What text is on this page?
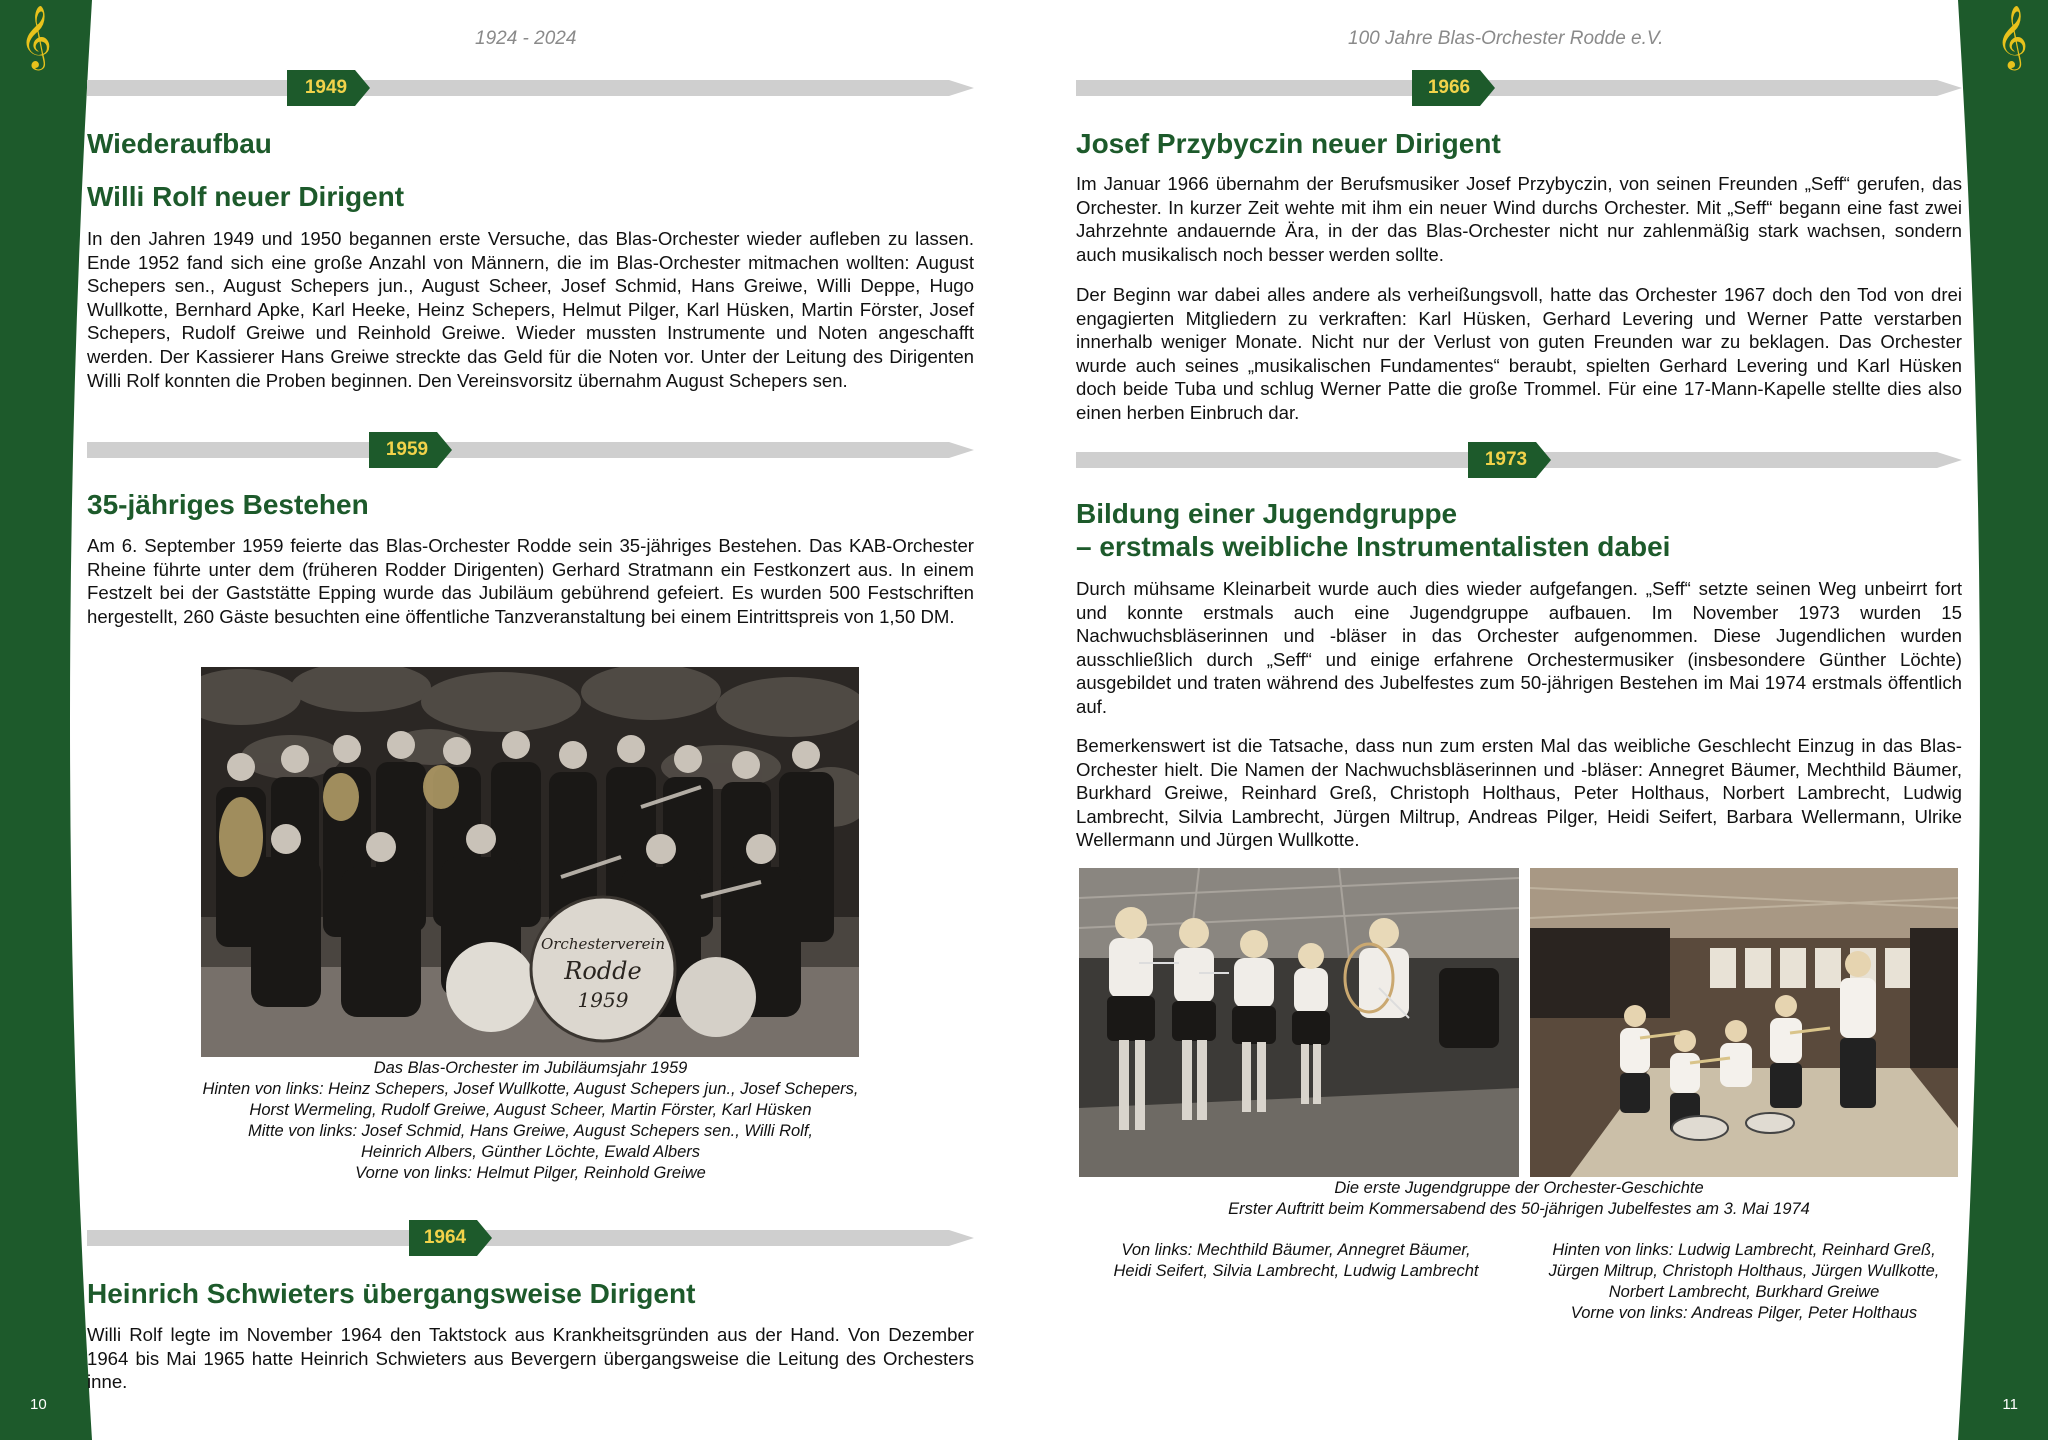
𝄞	𝄞
10	11
1924 - 2024	100 Jahre Blas-Orchester Rodde e.V.
1949
Wiederaufbau
Willi Rolf neuer Dirigent

In den Jahren 1949 und 1950 begannen erste Versuche, das Blas-Orchester wieder aufleben zu lassen. Ende 1952 fand sich eine große Anzahl von Männern, die im Blas-Orchester mitmachen wollten: August Schepers sen., August Schepers jun., August Scheer, Josef Schmid, Hans Greiwe, Willi Deppe, Hugo Wullkotte, Bernhard Apke, Karl Heeke, Heinz Schepers, Helmut Pilger, Karl Hüsken, Martin Förster, Josef Schepers, Rudolf Greiwe und Reinhold Greiwe. Wieder mussten Instrumente und Noten angeschafft werden. Der Kassierer Hans Greiwe streckte das Geld für die Noten vor. Unter der Leitung des Dirigenten Willi Rolf konnten die Proben beginnen. Den Vereinsvorsitz übernahm August Schepers sen.

1959
35-jähriges Bestehen

Am 6. September 1959 feierte das Blas-Orchester Rodde sein 35-jähriges Bestehen. Das KAB-Orchester Rheine führte unter dem (früheren Rodder Dirigenten) Gerhard Stratmann ein Festkonzert aus. In einem Festzelt bei der Gaststätte Epping wurde das Jubiläum gebührend gefeiert. Es wurden 500 Festschriften hergestellt, 260 Gäste besuchten eine öffentliche Tanzveranstaltung bei einem Eintrittspreis von 1,50 DM.

Orchesterverein
Rodde
1959
Das Blas-Orchester im Jubiläumsjahr 1959
Hinten von links: Heinz Schepers, Josef Wullkotte, August Schepers jun., Josef Schepers,
Horst Wermeling, Rudolf Greiwe, August Scheer, Martin Förster, Karl Hüsken
Mitte von links: Josef Schmid, Hans Greiwe, August Schepers sen., Willi Rolf,
Heinrich Albers, Günther Löchte, Ewald Albers
Vorne von links: Helmut Pilger, Reinhold Greiwe
1964
Heinrich Schwieters übergangsweise Dirigent

Willi Rolf legte im November 1964 den Taktstock aus Krankheitsgründen aus der Hand. Von Dezember 1964 bis Mai 1965 hatte Heinrich Schwieters aus Bevergern übergangsweise die Leitung des Orchesters inne.

1966
Josef Przybyczin neuer Dirigent

Im Januar 1966 übernahm der Berufsmusiker Josef Przybyczin, von seinen Freunden „Seff“ gerufen, das Orchester. In kurzer Zeit wehte mit ihm ein neuer Wind durchs Orchester. Mit „Seff“ begann eine fast zwei Jahrzehnte andauernde Ära, in der das Blas-Orchester nicht nur zahlenmäßig stark wachsen, sondern auch musikalisch noch besser werden sollte.

Der Beginn war dabei alles andere als verheißungsvoll, hatte das Orchester 1967 doch den Tod von drei engagierten Mitgliedern zu verkraften: Karl Hüsken, Gerhard Levering und Werner Patte verstarben innerhalb weniger Monate. Nicht nur der Verlust von guten Freunden war zu beklagen. Das Orchester wurde auch seines „musikalischen Fundamentes“ beraubt, spielten Gerhard Levering und Karl Hüsken doch beide Tuba und schlug Werner Patte die große Trommel. Für eine 17-Mann-Kapelle stellte dies also einen herben Einbruch dar.

1973
Bildung einer Jugendgruppe
– erstmals weibliche Instrumentalisten dabei

Durch mühsame Kleinarbeit wurde auch dies wieder aufgefangen. „Seff“ setzte seinen Weg unbeirrt fort und konnte erstmals auch eine Jugendgruppe aufbauen. Im November 1973 wurden 15 Nachwuchsbläserinnen und -bläser in das Orchester aufgenommen. Diese Jugendlichen wurden ausschließlich durch „Seff“ und einige erfahrene Orchestermusiker (insbesondere Günther Löchte) ausgebildet und traten während des Jubelfestes zum 50-jährigen Bestehen im Mai 1974 erstmals öffentlich auf.

Bemerkenswert ist die Tatsache, dass nun zum ersten Mal das weibliche Geschlecht Einzug in das Blas-Orchester hielt. Die Namen der Nachwuchsbläserinnen und -bläser: Annegret Bäumer, Mechthild Bäumer, Burkhard Greiwe, Reinhard Greß, Christoph Holthaus, Peter Holthaus, Norbert Lambrecht, Ludwig Lambrecht, Silvia Lambrecht, Jürgen Miltrup, Andreas Pilger, Heidi Seifert, Barbara Wellermann, Ulrike Wellermann und Jürgen Wullkotte.

Die erste Jugendgruppe der Orchester-Geschichte
Erster Auftritt beim Kommersabend des 50-jährigen Jubelfestes am 3. Mai 1974
Von links: Mechthild Bäumer, Annegret Bäumer,
Heidi Seifert, Silvia Lambrecht, Ludwig Lambrecht
Hinten von links: Ludwig Lambrecht, Reinhard Greß,
Jürgen Miltrup, Christoph Holthaus, Jürgen Wullkotte,
Norbert Lambrecht, Burkhard Greiwe
Vorne von links: Andreas Pilger, Peter Holthaus
